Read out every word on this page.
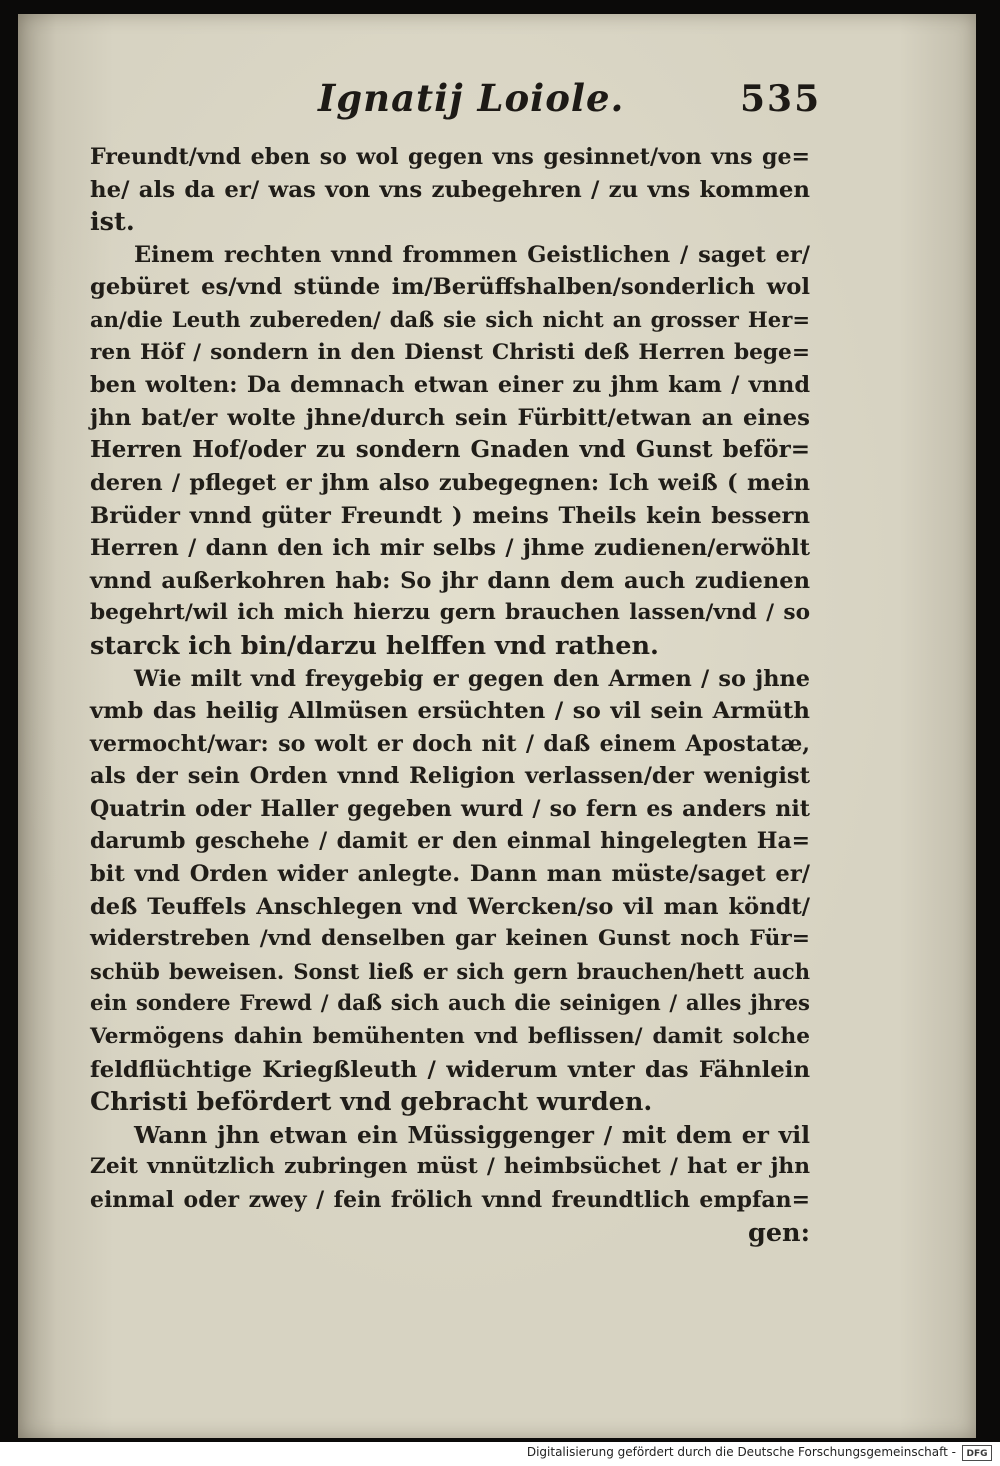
Ignatij Loiole.	535
Freundt/vnd eben so wol gegen vns gesinnet/von vns ge=
he/ als da er/ was von vns zubegehren / zu vns kommen
ist.
Einem rechten vnnd frommen Geistlichen / saget er/
gebüret es/vnd stünde im/Berüffshalben/sonderlich wol
an/die Leuth zubereden/ daß sie sich nicht an grosser Her=
ren Höf / sondern in den Dienst Christi deß Herren bege=
ben wolten: Da demnach etwan einer zu jhm kam / vnnd
jhn bat/er wolte jhne/durch sein Fürbitt/etwan an eines
Herren Hof/oder zu sondern Gnaden vnd Gunst beför=
deren / pfleget er jhm also zubegegnen: Ich weiß ( mein
Brüder vnnd güter Freundt ) meins Theils kein bessern
Herren / dann den ich mir selbs / jhme zudienen/erwöhlt
vnnd außerkohren hab: So jhr dann dem auch zudienen
begehrt/wil ich mich hierzu gern brauchen lassen/vnd / so
starck ich bin/darzu helffen vnd rathen.
Wie milt vnd freygebig er gegen den Armen / so jhne
vmb das heilig Allmüsen ersüchten / so vil sein Armüth
vermocht/war: so wolt er doch nit / daß einem Apostatæ,
als der sein Orden vnnd Religion verlassen/der wenigist
Quatrin oder Haller gegeben wurd / so fern es anders nit
darumb geschehe / damit er den einmal hingelegten Ha=
bit vnd Orden wider anlegte. Dann man müste/saget er/
deß Teuffels Anschlegen vnd Wercken/so vil man köndt/
widerstreben /vnd denselben gar keinen Gunst noch Für=
schüb beweisen. Sonst ließ er sich gern brauchen/hett auch
ein sondere Frewd / daß sich auch die seinigen / alles jhres
Vermögens dahin bemühenten vnd beflissen/ damit solche
feldflüchtige Kriegßleuth / widerum vnter das Fähnlein
Christi befördert vnd gebracht wurden.
Wann jhn etwan ein Müssiggenger / mit dem er vil
Zeit vnnützlich zubringen müst / heimbsüchet / hat er jhn
einmal oder zwey / fein frölich vnnd freundtlich empfan=
gen:
Digitalisierung gefördert durch die Deutsche Forschungsgemeinschaft -	DFG
